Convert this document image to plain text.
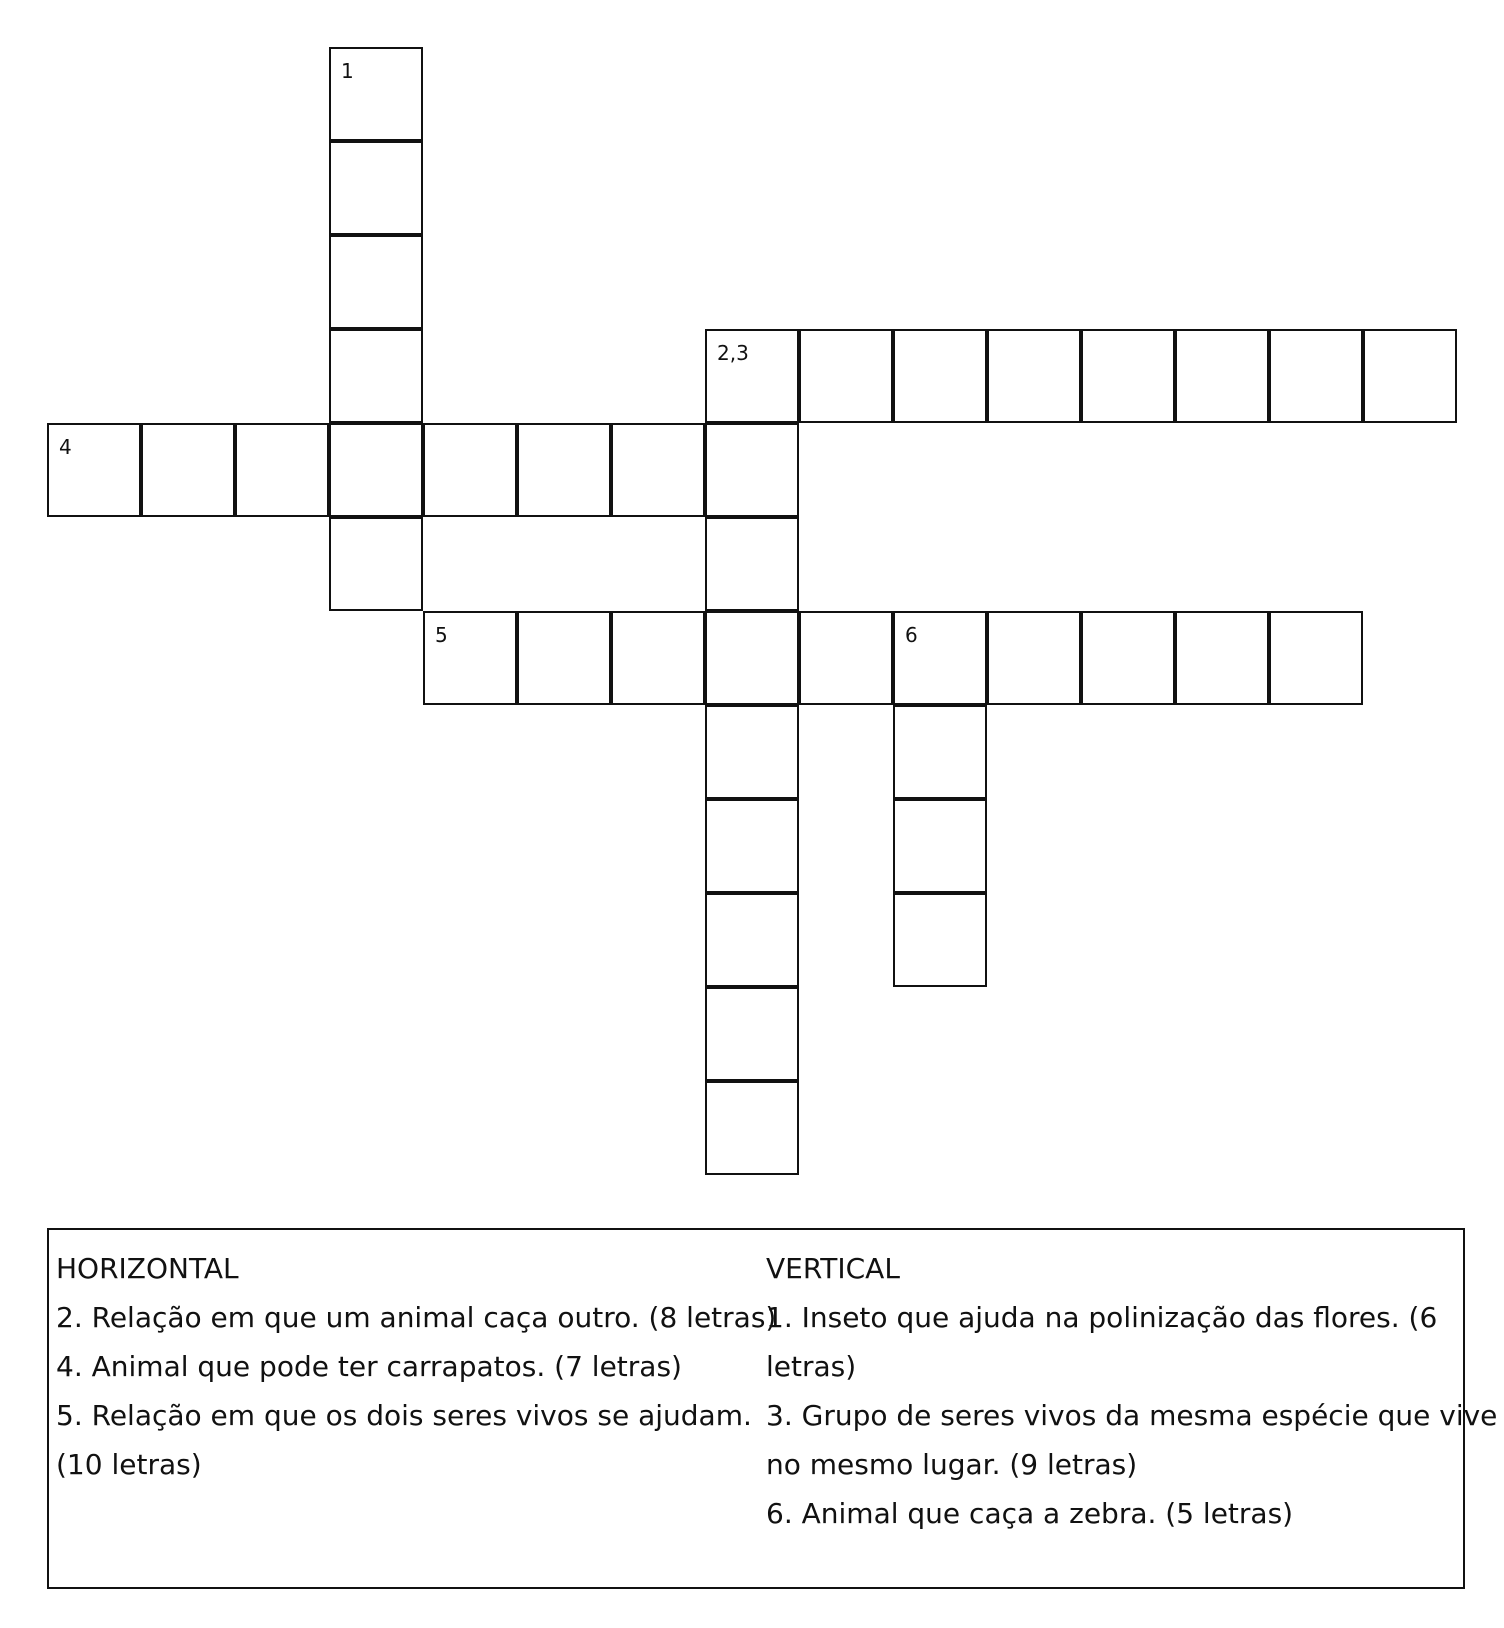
1
2,3
4
5	6
HORIZONTAL
2. Relação em que um animal caça outro. (8 letras)
4. Animal que pode ter carrapatos. (7 letras)
5. Relação em que os dois seres vivos se ajudam.
(10 letras)
VERTICAL
1. Inseto que ajuda na polinização das flores. (6
letras)
3. Grupo de seres vivos da mesma espécie que vive
no mesmo lugar. (9 letras)
6. Animal que caça a zebra. (5 letras)
